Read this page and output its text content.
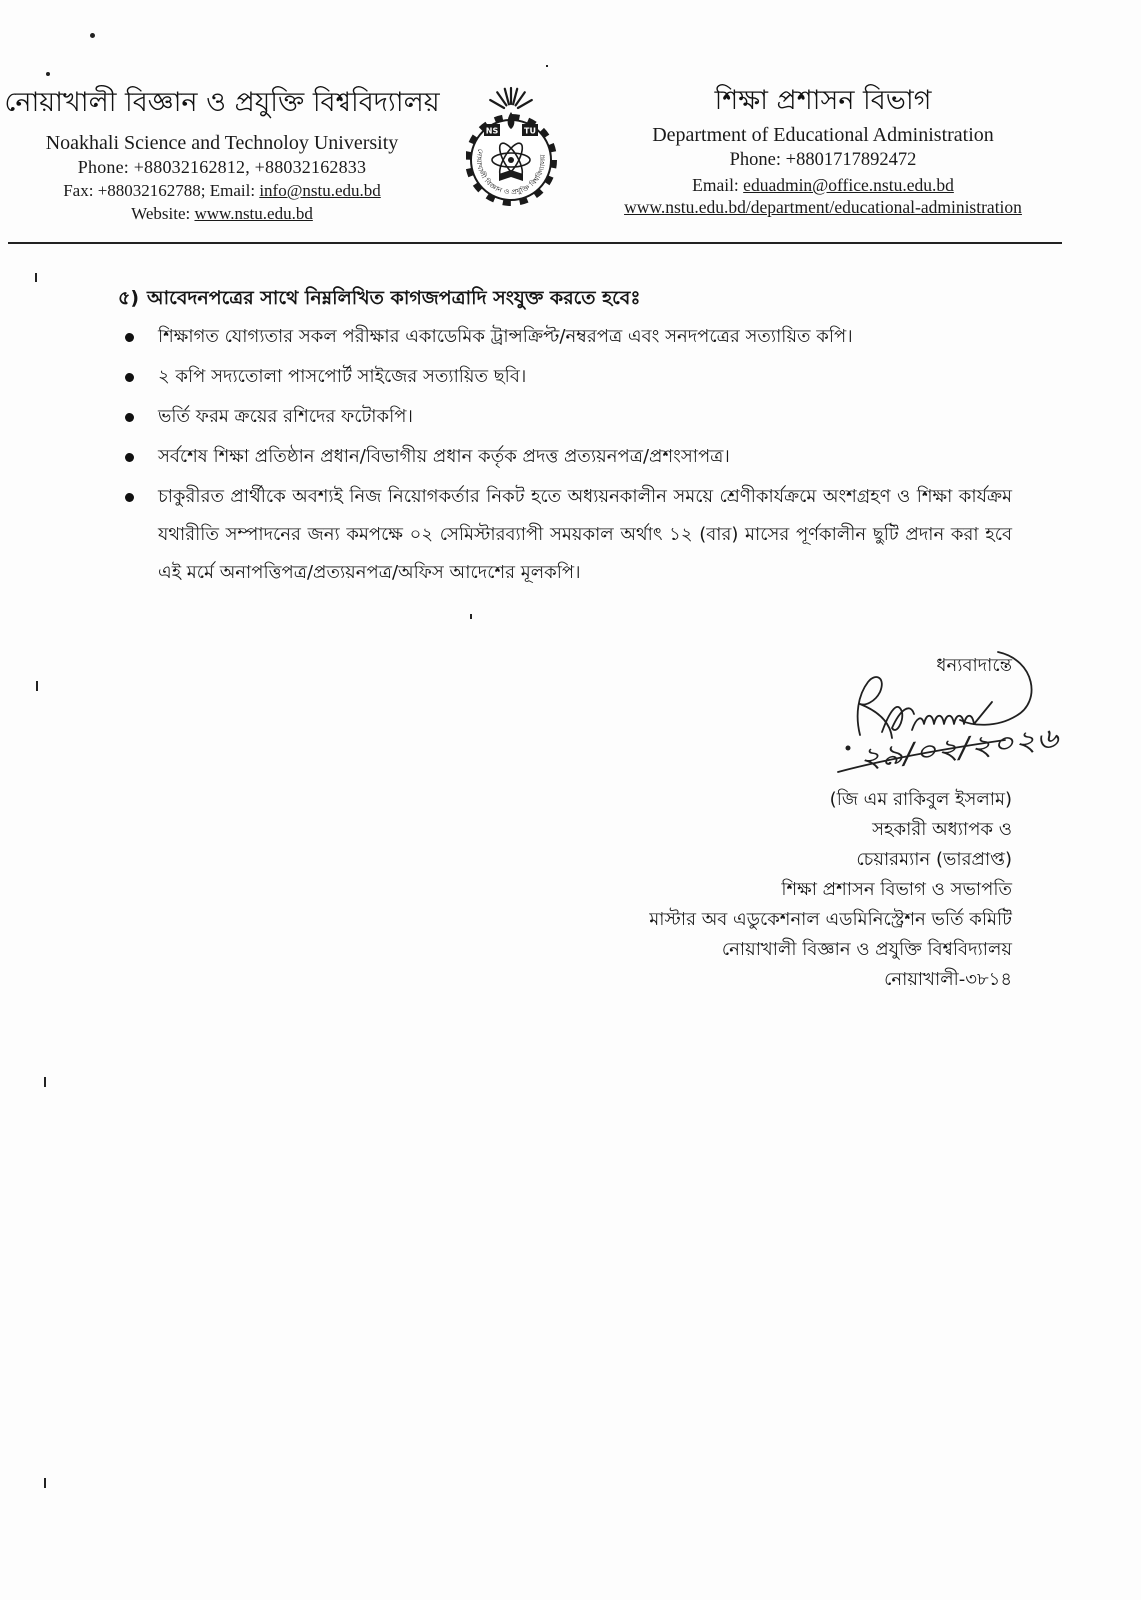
নোয়াখালী বিজ্ঞান ও প্রযুক্তি বিশ্ববিদ্যালয়
Noakhali Science and Technoloy University
Phone: +88032162812, +88032162833
Fax: +88032162788; Email: info@nstu.edu.bd
Website: www.nstu.edu.bd
NS	TU
নোয়াখালী বিজ্ঞান ও প্রযুক্তি বিশ্ববিদ্যালয়
শিক্ষা প্রশাসন বিভাগ
Department of Educational Administration
Phone: +8801717892472
Email: eduadmin@office.nstu.edu.bd
www.nstu.edu.bd/department/educational-administration
৫) আবেদনপত্রের সাথে নিম্নলিখিত কাগজপত্রাদি সংযুক্ত করতে হবেঃ
শিক্ষাগত যোগ্যতার সকল পরীক্ষার একাডেমিক ট্রান্সক্রিপ্ট/নম্বরপত্র এবং সনদপত্রের সত্যায়িত কপি।
২ কপি সদ্যতোলা পাসপোর্ট সাইজের সত্যায়িত ছবি।
ভর্তি ফরম ক্রয়ের রশিদের ফটোকপি।
সর্বশেষ শিক্ষা প্রতিষ্ঠান প্রধান/বিভাগীয় প্রধান কর্তৃক প্রদত্ত প্রত্যয়নপত্র/প্রশংসাপত্র।
চাকুরীরত প্রার্থীকে অবশ্যই নিজ নিয়োগকর্তার নিকট হতে অধ্যয়নকালীন সময়ে শ্রেণীকার্যক্রমে অংশগ্রহণ ও শিক্ষা কার্যক্রম যথারীতি সম্পাদনের জন্য কমপক্ষে ০২ সেমিস্টারব্যাপী সময়কাল অর্থাৎ ১২ (বার) মাসের পূর্ণকালীন ছুটি প্রদান করা হবে এই মর্মে অনাপত্তিপত্র/প্রত্যয়নপত্র/অফিস আদেশের মূলকপি।
ধন্যবাদান্তে
২৯/০২/২০২৬
(জি এম রাকিবুল ইসলাম)
সহকারী অধ্যাপক ও
চেয়ারম্যান (ভারপ্রাপ্ত)
শিক্ষা প্রশাসন বিভাগ ও সভাপতি
মাস্টার অব এডুকেশনাল এডমিনিস্ট্রেশন ভর্তি কমিটি
নোয়াখালী বিজ্ঞান ও প্রযুক্তি বিশ্ববিদ্যালয়
নোয়াখালী-৩৮১৪
